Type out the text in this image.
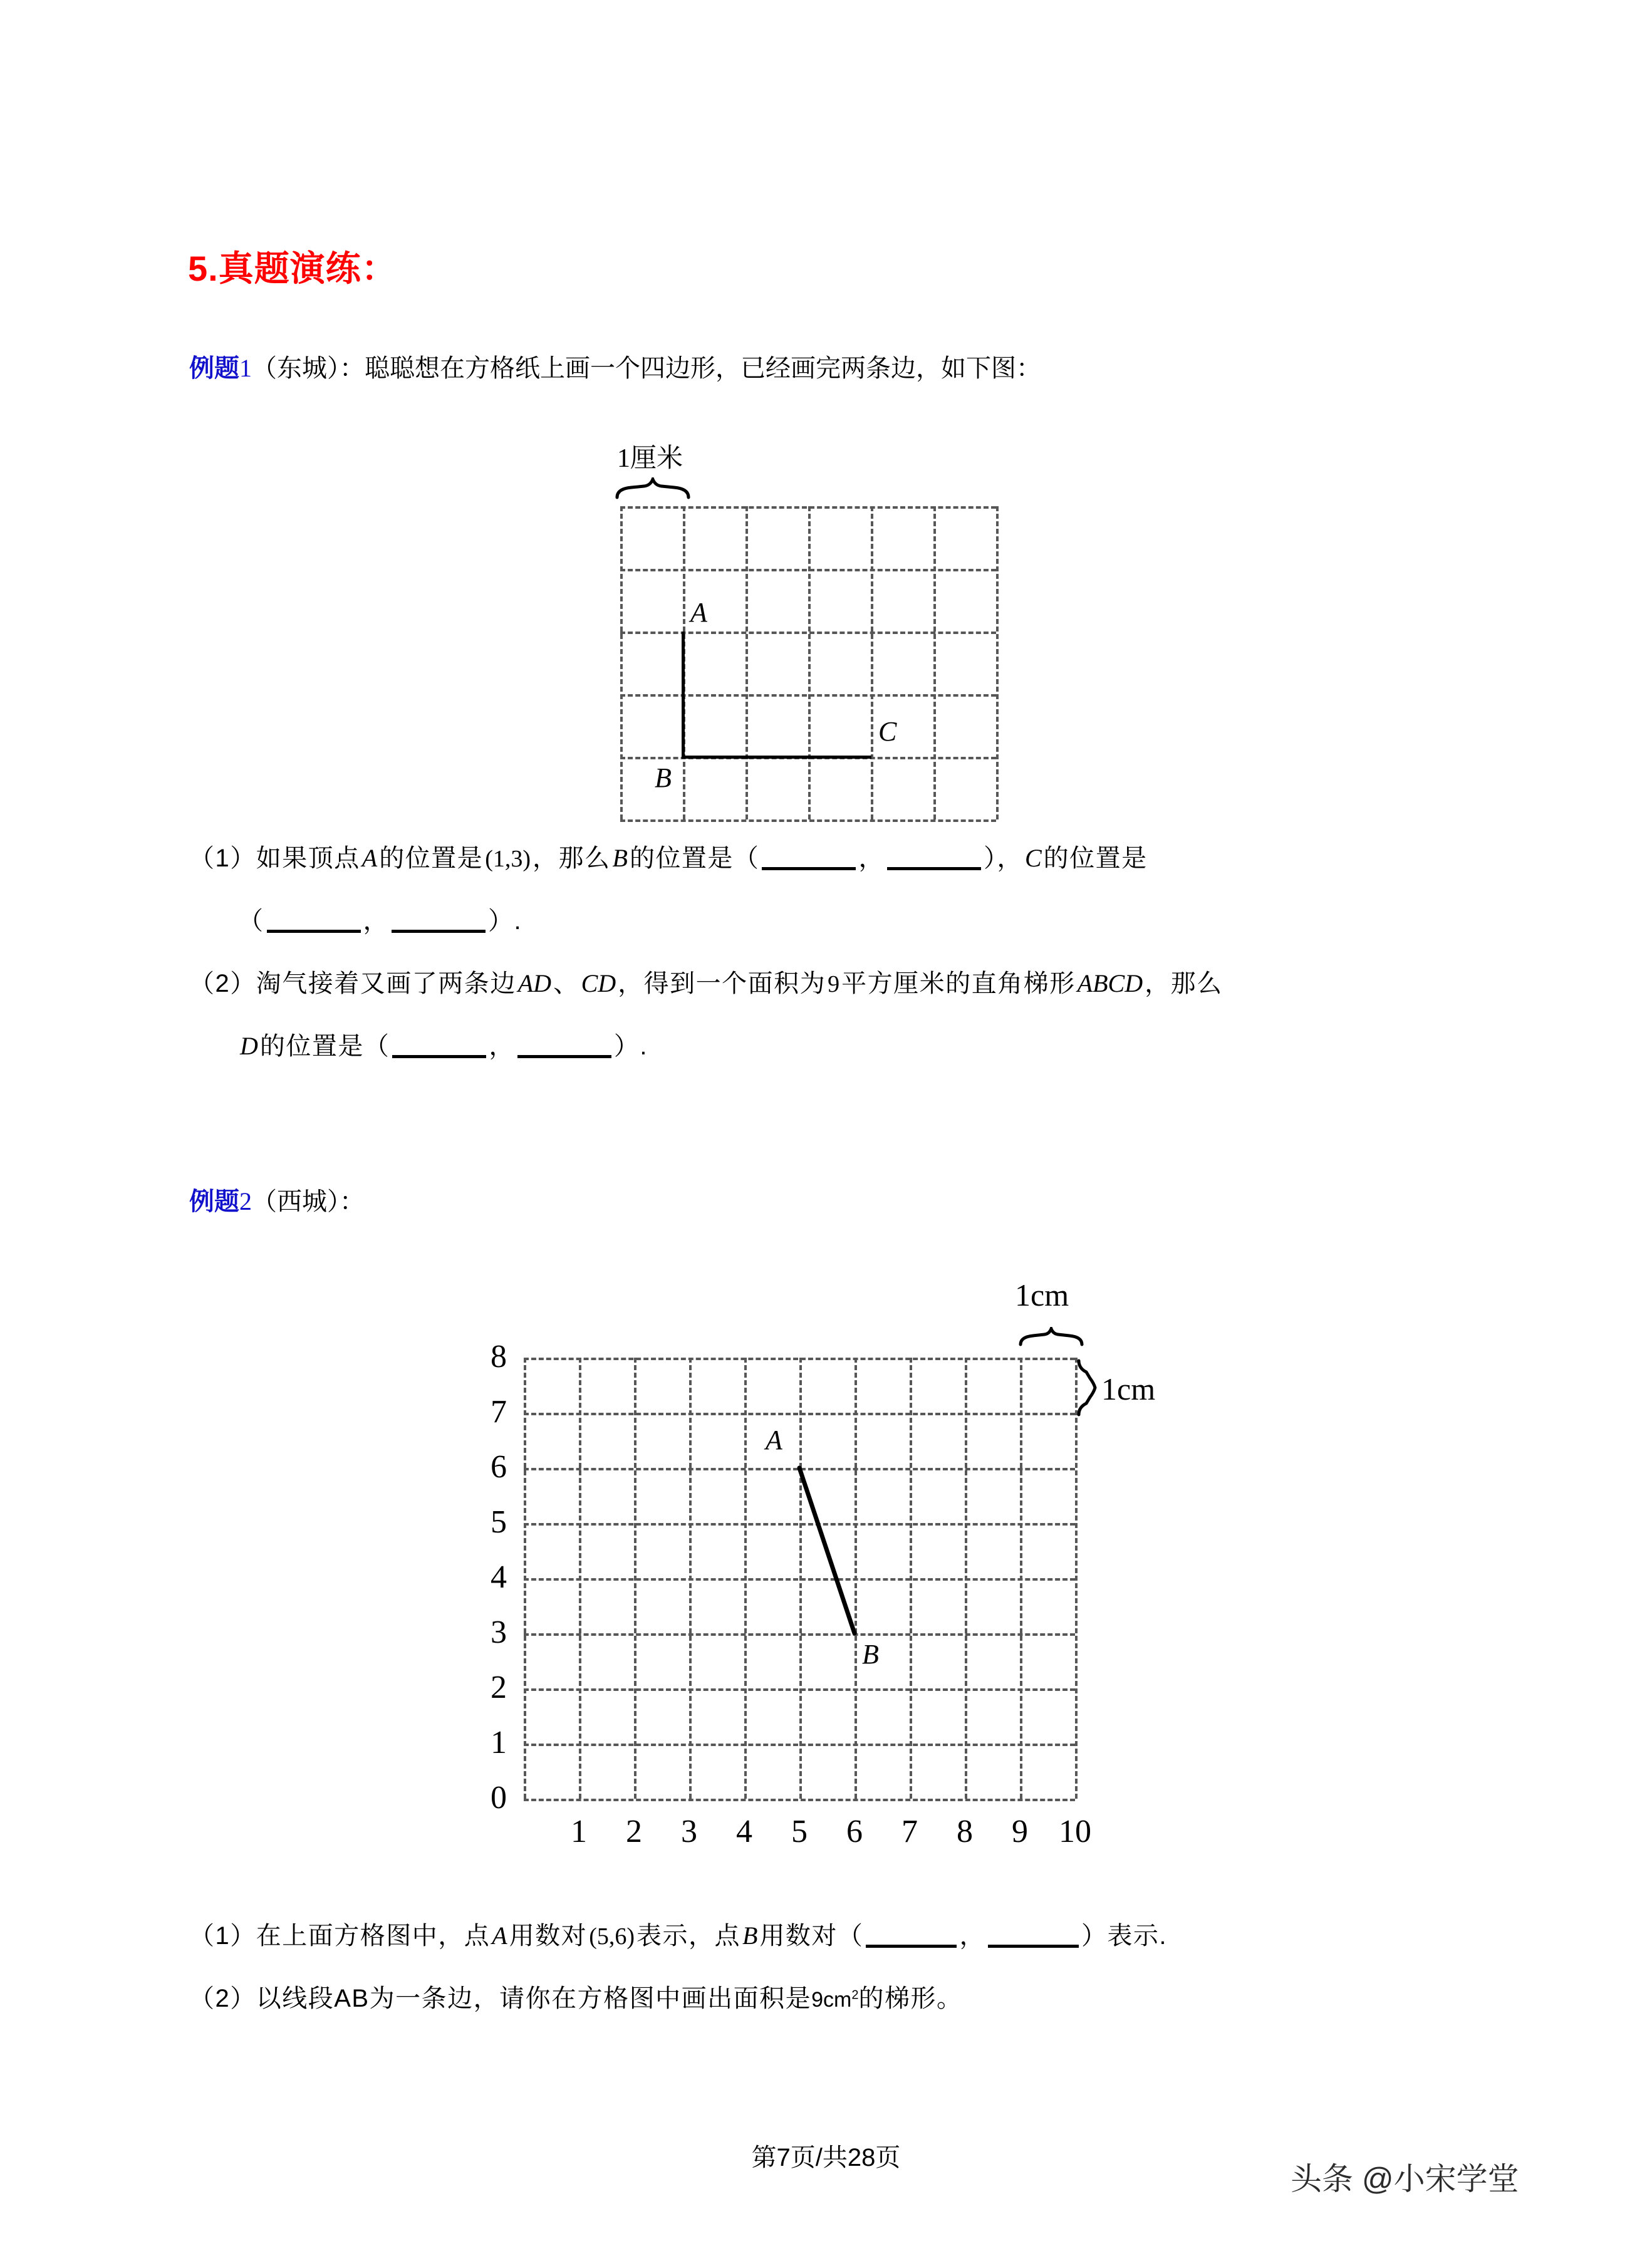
5.真题演练：
例题1（东城）：聪聪想在方格纸上画一个四边形，已经画完两条边，如下图：
A
B
C
1厘米
（1）如果顶点A的位置是(1,3)，那么B的位置是（	，	），C的位置是
（	，	）.
（2）淘气接着又画了两条边AD、CD，得到一个面积为9平方厘米的直角梯形ABCD，那么
D的位置是（	，	）.
例题2（西城）：
A
B
8
7
6
5
4
3
2
1
0
1	2	3	4	5	6	7	8	9 10
1cm
1cm
（1）在上面方格图中，点A用数对(5,6)表示，点B用数对（	，	）表示.
（2）以线段AB为一条边，请你在方格图中画出面积是$9cm^2$的梯形。
第7页/共28页
头条 @小宋学堂
